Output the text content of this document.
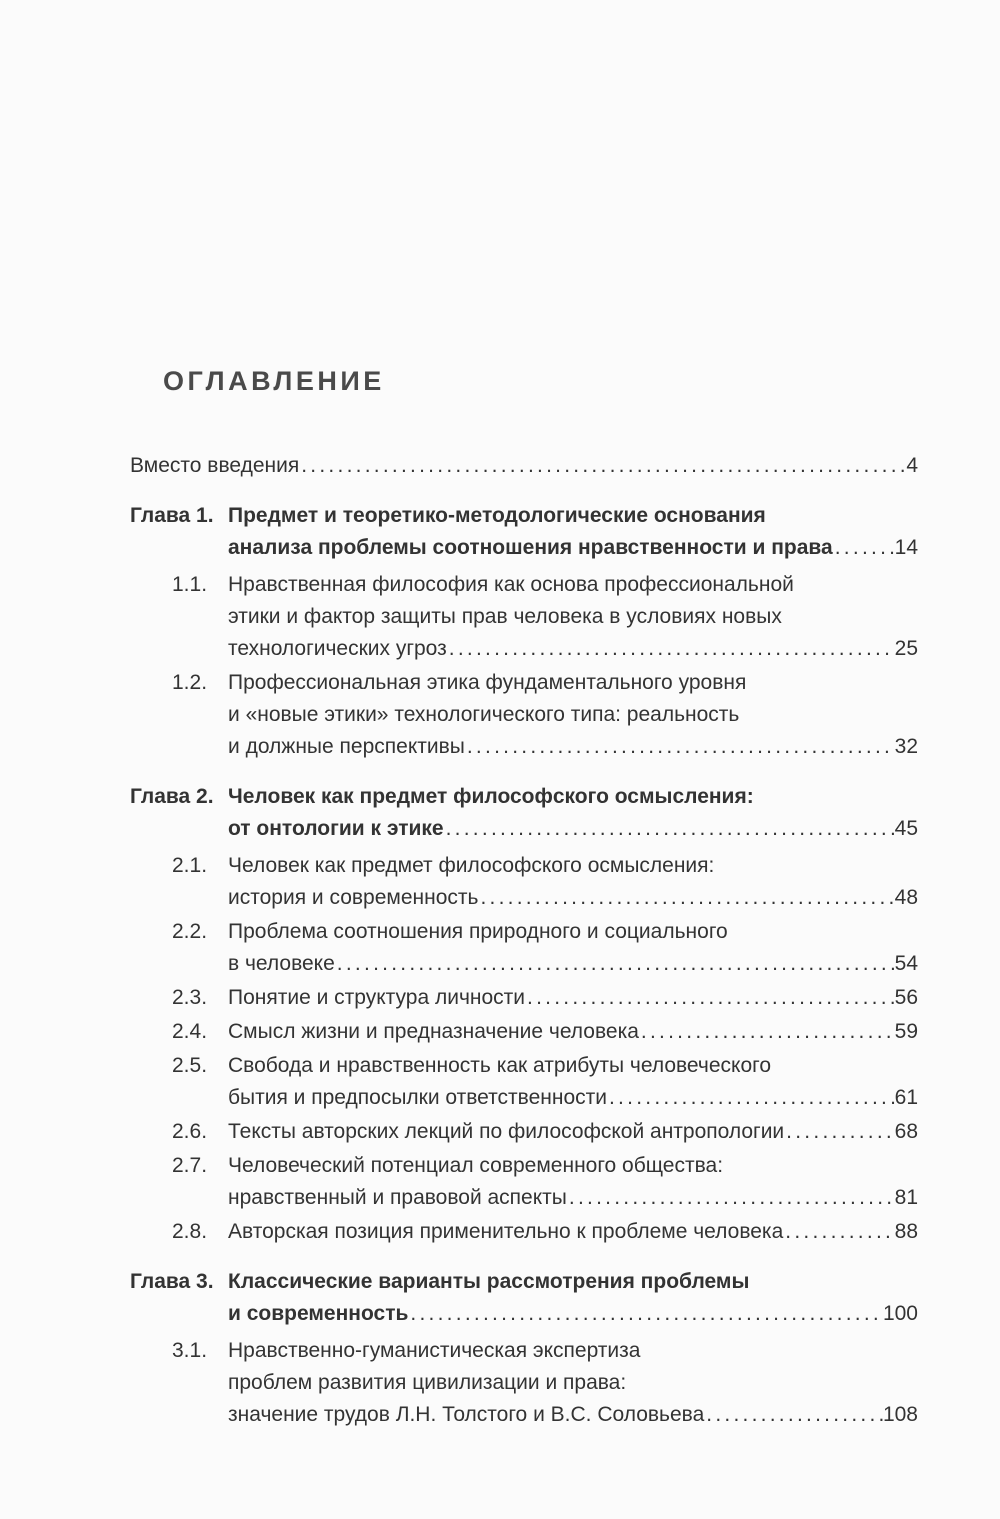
ОГЛАВЛЕНИЕ
Вместо введения . . .	4
Глава 1. Предмет и теоретико-методологические основания
анализа проблемы соотношения нравственности и права . . .	14
1.1. Нравственная философия как основа профессиональной
этики и фактор защиты прав человека в условиях новых
технологических угроз . . .	25
1.2. Профессиональная этика фундаментального уровня
и «новые этики» технологического типа: реальность
и должные перспективы . . .	32
Глава 2. Человек как предмет философского осмысления:
от онтологии к этике . . .	45
2.1. Человек как предмет философского осмысления:
история и современность . . .	48
2.2. Проблема соотношения природного и социального
в человеке . . .	54
2.3. Понятие и структура личности . . .	56
2.4. Смысл жизни и предназначение человека . . .	59
2.5. Свобода и нравственность как атрибуты человеческого
бытия и предпосылки ответственности . . .	61
2.6. Тексты авторских лекций по философской антропологии . . .	68
2.7. Человеческий потенциал современного общества:
нравственный и правовой аспекты . . .	81
2.8. Авторская позиция применительно к проблеме человека . . .	88
Глава 3. Классические варианты рассмотрения проблемы
и современность . . .	100
3.1. Нравственно-гуманистическая экспертиза
проблем развития цивилизации и права:
значение трудов Л.Н. Толстого и В.С. Соловьева . . .	108
